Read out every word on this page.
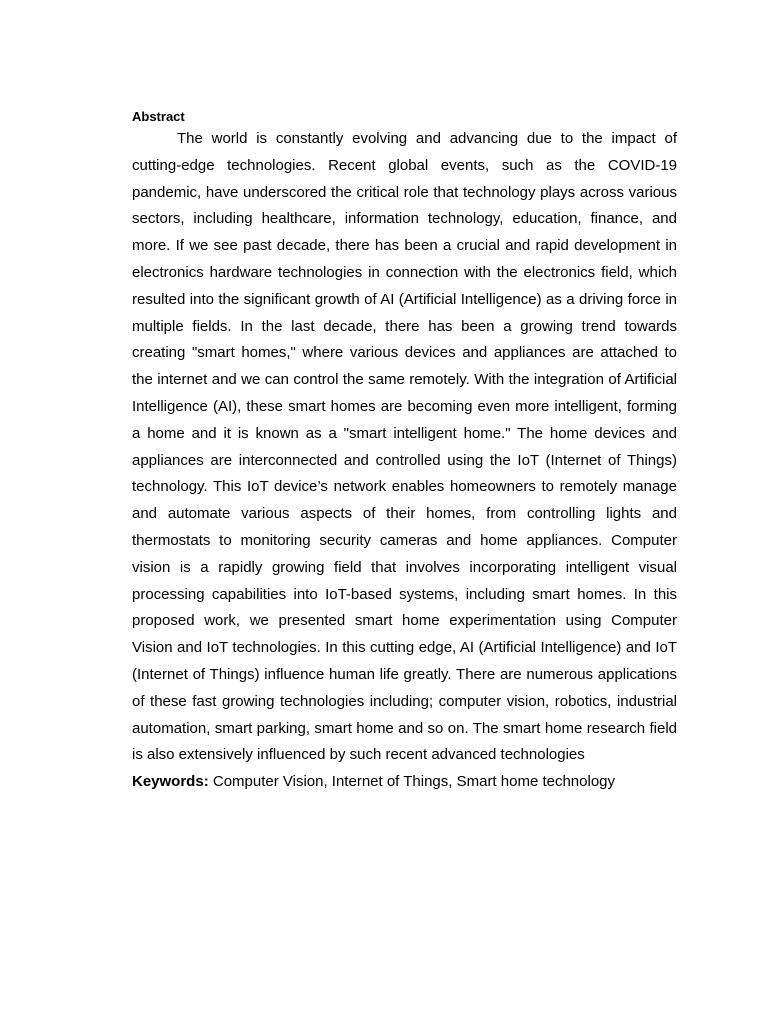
Abstract

The world is constantly evolving and advancing due to the impact of cutting-edge technologies. Recent global events, such as the COVID-19 pandemic, have underscored the critical role that technology plays across various sectors, including healthcare, information technology, education, finance, and more. If we see past decade, there has been a crucial and rapid development in electronics hardware technologies in connection with the electronics field, which resulted into the significant growth of AI (Artificial Intelligence) as a driving force in multiple fields. In the last decade, there has been a growing trend towards creating "smart homes," where various devices and appliances are attached to the internet and we can control the same remotely. With the integration of Artificial Intelligence (AI), these smart homes are becoming even more intelligent, forming a home and it is known as a "smart intelligent home." The home devices and appliances are interconnected and controlled using the IoT (Internet of Things) technology. This IoT device’s network enables homeowners to remotely manage and automate various aspects of their homes, from controlling lights and thermostats to monitoring security cameras and home appliances. Computer vision is a rapidly growing field that involves incorporating intelligent visual processing capabilities into IoT-based systems, including smart homes. In this proposed work, we presented smart home experimentation using Computer Vision and IoT technologies. In this cutting edge, AI (Artificial Intelligence) and IoT (Internet of Things) influence human life greatly. There are numerous applications of these fast growing technologies including; computer vision, robotics, industrial automation, smart parking, smart home and so on. The smart home research field is also extensively influenced by such recent advanced technologies

Keywords: Computer Vision, Internet of Things, Smart home technology
